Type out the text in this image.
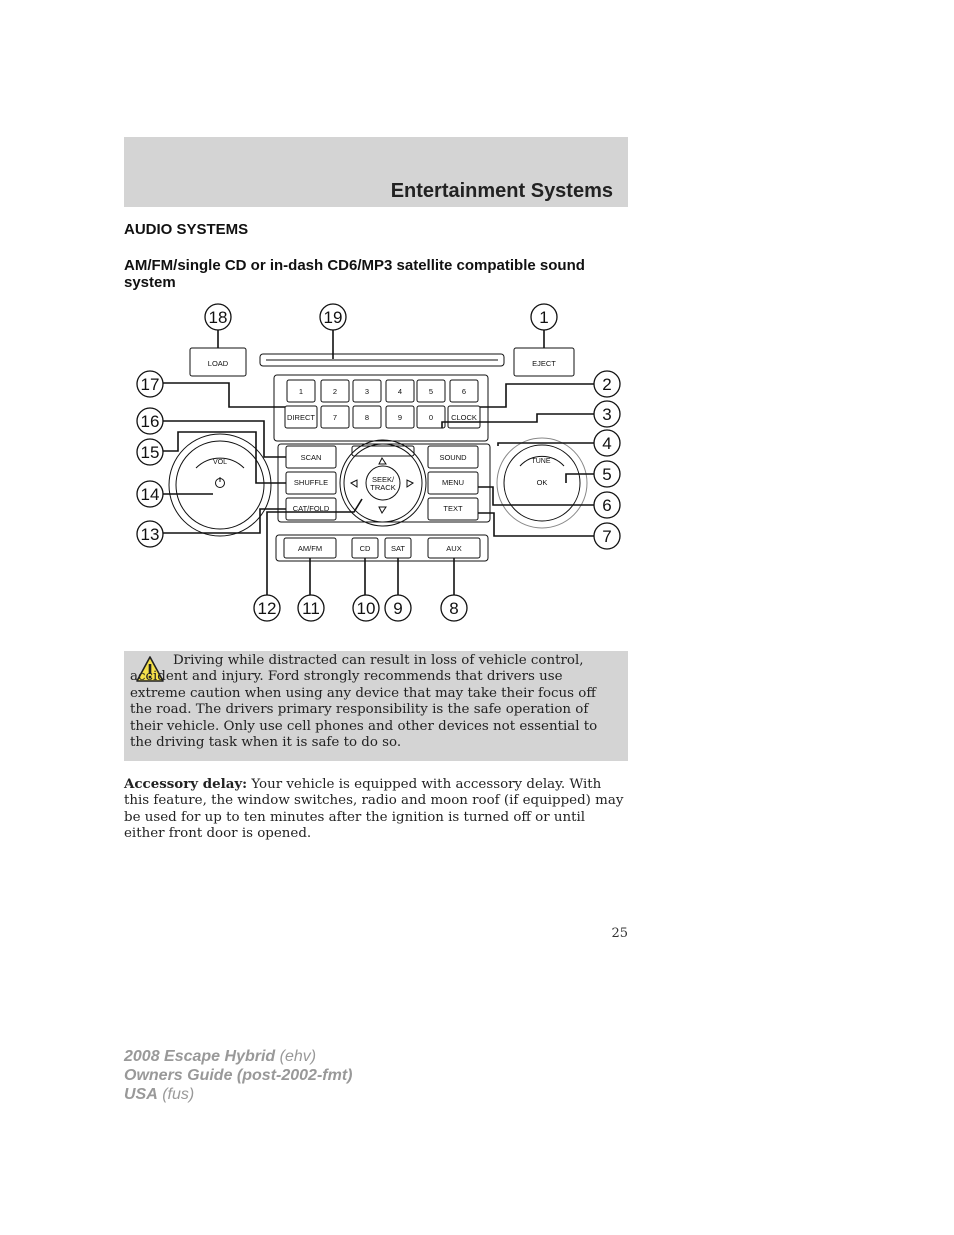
Entertainment Systems
AUDIO SYSTEMS
AM/FM/single CD or in-dash CD6/MP3 satellite compatible sound system
LOAD	EJECT
1	2	3	4	5	6
DIRECT 7	8	9	0 CLOCK
SCAN
SHUFFLE
CAT/FOLD
SOUND
MENU
TEXT
SEEK/
TRACK
VOL	TUNE
OK
AM/FM	CD	SAT	AUX
18	19	1
17	2
3
16
4
15
5
14
6
13	7
12 11 10 9	8

Driving while distracted can result in loss of vehicle control, accident and injury. Ford strongly recommends that drivers use extreme caution when using any device that may take their focus off the road. The drivers primary responsibility is the safe operation of their vehicle. Only use cell phones and other devices not essential to the driving task when it is safe to do so.

Accessory delay: Your vehicle is equipped with accessory delay. With this feature, the window switches, radio and moon roof (if equipped) may be used for up to ten minutes after the ignition is turned off or until either front door is opened.

25
2008 Escape Hybrid (ehv)
Owners Guide (post-2002-fmt)
USA (fus)
